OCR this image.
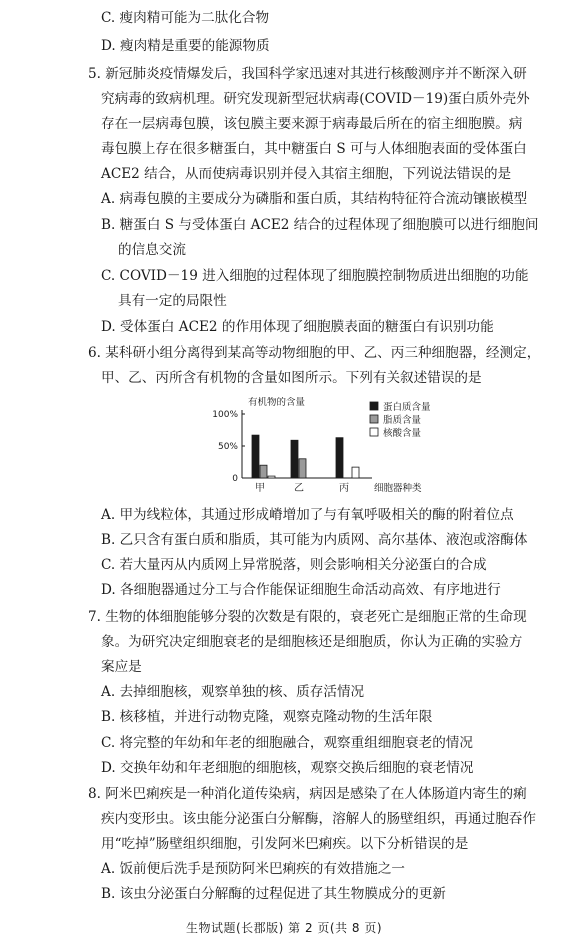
C. 瘦肉精可能为二肽化合物
D. 瘦肉精是重要的能源物质
5. 新冠肺炎疫情爆发后，我国科学家迅速对其进行核酸测序并不断深入研
究病毒的致病机理。研究发现新型冠状病毒(COVID－19)蛋白质外壳外
存在一层病毒包膜，该包膜主要来源于病毒最后所在的宿主细胞膜。病
毒包膜上存在很多糖蛋白，其中糖蛋白 S 可与人体细胞表面的受体蛋白
ACE2 结合，从而使病毒识别并侵入其宿主细胞，下列说法错误的是
A. 病毒包膜的主要成分为磷脂和蛋白质，其结构特征符合流动镶嵌模型
B. 糖蛋白 S 与受体蛋白 ACE2 结合的过程体现了细胞膜可以进行细胞间
的信息交流
C. COVID－19 进入细胞的过程体现了细胞膜控制物质进出细胞的功能
具有一定的局限性
D. 受体蛋白 ACE2 的作用体现了细胞膜表面的糖蛋白有识别功能
6. 某科研小组分离得到某高等动物细胞的甲、乙、丙三种细胞器，经测定，
甲、乙、丙所含有机物的含量如图所示。下列有关叙述错误的是
A. 甲为线粒体，其通过形成嵴增加了与有氧呼吸相关的酶的附着位点
B. 乙只含有蛋白质和脂质，其可能为内质网、高尔基体、液泡或溶酶体
C. 若大量丙从内质网上异常脱落，则会影响相关分泌蛋白的合成
D. 各细胞器通过分工与合作能保证细胞生命活动高效、有序地进行
7. 生物的体细胞能够分裂的次数是有限的，衰老死亡是细胞正常的生命现
象。为研究决定细胞衰老的是细胞核还是细胞质，你认为正确的实验方
案应是
A. 去掉细胞核，观察单独的核、质存活情况
B. 核移植，并进行动物克隆，观察克隆动物的生活年限
C. 将完整的年幼和年老的细胞融合，观察重组细胞衰老的情况
D. 交换年幼和年老细胞的细胞核，观察交换后细胞的衰老情况
8. 阿米巴痢疾是一种消化道传染病，病因是感染了在人体肠道内寄生的痢
疾内变形虫。该虫能分泌蛋白分解酶，溶解人的肠壁组织，再通过胞吞作
用“吃掉”肠壁组织细胞，引发阿米巴痢疾。以下分析错误的是
A. 饭前便后洗手是预防阿米巴痢疾的有效措施之一
B. 该虫分泌蛋白分解酶的过程促进了其生物膜成分的更新
蛋白质含量
脂质含量
核酸含量
100%
50%
0
有机物的含量
细胞器种类
甲	乙	丙
生物试题(长郡版) 第 2 页(共 8 页)
